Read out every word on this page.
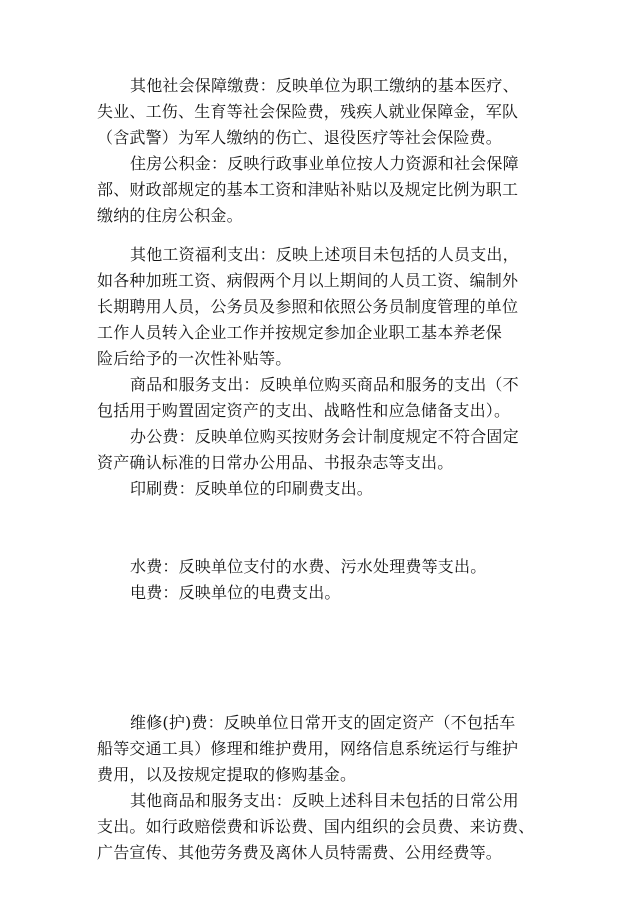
其他社会保障缴费：反映单位为职工缴纳的基本医疗、
失业、工伤、生育等社会保险费，残疾人就业保障金，军队
（含武警）为军人缴纳的伤亡、退役医疗等社会保险费。
住房公积金：反映行政事业单位按人力资源和社会保障
部、财政部规定的基本工资和津贴补贴以及规定比例为职工
缴纳的住房公积金。
其他工资福利支出：反映上述项目未包括的人员支出，
如各种加班工资、病假两个月以上期间的人员工资、编制外
长期聘用人员，公务员及参照和依照公务员制度管理的单位
工作人员转入企业工作并按规定参加企业职工基本养老保
险后给予的一次性补贴等。
商品和服务支出：反映单位购买商品和服务的支出（不
包括用于购置固定资产的支出、战略性和应急储备支出）。
办公费：反映单位购买按财务会计制度规定不符合固定
资产确认标准的日常办公用品、书报杂志等支出。
印刷费：反映单位的印刷费支出。
水费：反映单位支付的水费、污水处理费等支出。
电费：反映单位的电费支出。
维修(护)费：反映单位日常开支的固定资产（不包括车
船等交通工具）修理和维护费用，网络信息系统运行与维护
费用，以及按规定提取的修购基金。
其他商品和服务支出：反映上述科目未包括的日常公用
支出。如行政赔偿费和诉讼费、国内组织的会员费、来访费、
广告宣传、其他劳务费及离休人员特需费、公用经费等。
